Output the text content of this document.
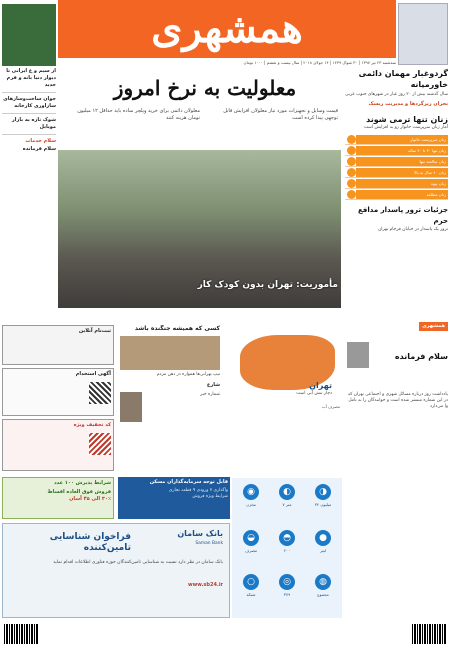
همشهری
سه‌شنبه ۲۳ تیر ۱۳۹۷ | ۳۰ شوال ۱۴۳۹ | ۱۴ جولای ۲۰۱۸ | سال بیست و ششم | ۱۰۰۰ تومان
از سیم و ع ایرانی تا دیوار دنیا بانه و فرم جدید
جوان ساخت‌وسازهای سازاوری کارخانه
شوک تازه به بازار موبایل
سلام خدمات
سلام فرمانده
معلولیت به نرخ امروز
قیمت وسایل و تجهیزات مورد نیاز معلولان افزایش قابل توجهی پیدا کرده است
معلولان دائمی برای خرید ویلچر ساده باید حداقل ۱۲ میلیون تومان هزینه کنند
مأموریت: تهران بدون کودک کار
تعدادی کودکان در خیابان‌های تهران
گردوغبار مهمان دائمی خاورمیانه
سال گذشته بیش از ۲۰ روز غبار در شهرهای جنوب غربی
بحران ریزگردها و مدیریت ریسک
زنان تنها ترمی شوند
آمار زنان سرپرست خانوار رو به افزایش است
زنان سرپرست خانوار
زنان تنها ۳۰ تا ۴۰ ساله
زنان سالمند تنها
زنان ۶۰ سال به بالا
زنان بیوه
زنان مطلقه
جزئیات ترور پاسدار مدافع حرم
ترور یک پاسدار در خیابان فرجام تهران
ثبت‌نام آنلاین
آگهی استخدام
کد تخفیف ویژه
کسی که همیشه جنگنده باشد
تیپ تهرانی‌ها همواره در ذهن مردم
شارع
شماره خبر
تهران
دچار تنش آبی است
مصرف آب
شرایط پذیرش ۱۰۰ عدد
فروش فوق العاده اقساط
۳۰٪ الی ۴۵ آسان
قابل توجه سرمایه‌گذاران مسکن
واگذاری ۷ ورودی ۹ قطعه تجاری
شرایط ویژه فروش	◉
مخزن
◐
۷ متر
◑
۳۴ میلیون
◒
مصرف
◓
۲۰۰
●
لیتر
○
شبکه
◎
۳۷۹
◍
مجموع
بانک سامان
Saman Bank
فراخوان شناسایی تامین‌کننده
بانک سامان در نظر دارد نسبت به شناسایی تامین‌کنندگان حوزه فناوری اطلاعات اقدام نماید
www.sb24.ir
همشهری
سلام فرمانده
یادداشت روز درباره مسائل شهری و اجتماعی تهران که در این شماره منتشر شده است و خوانندگان را به تامل وا می‌دارد
